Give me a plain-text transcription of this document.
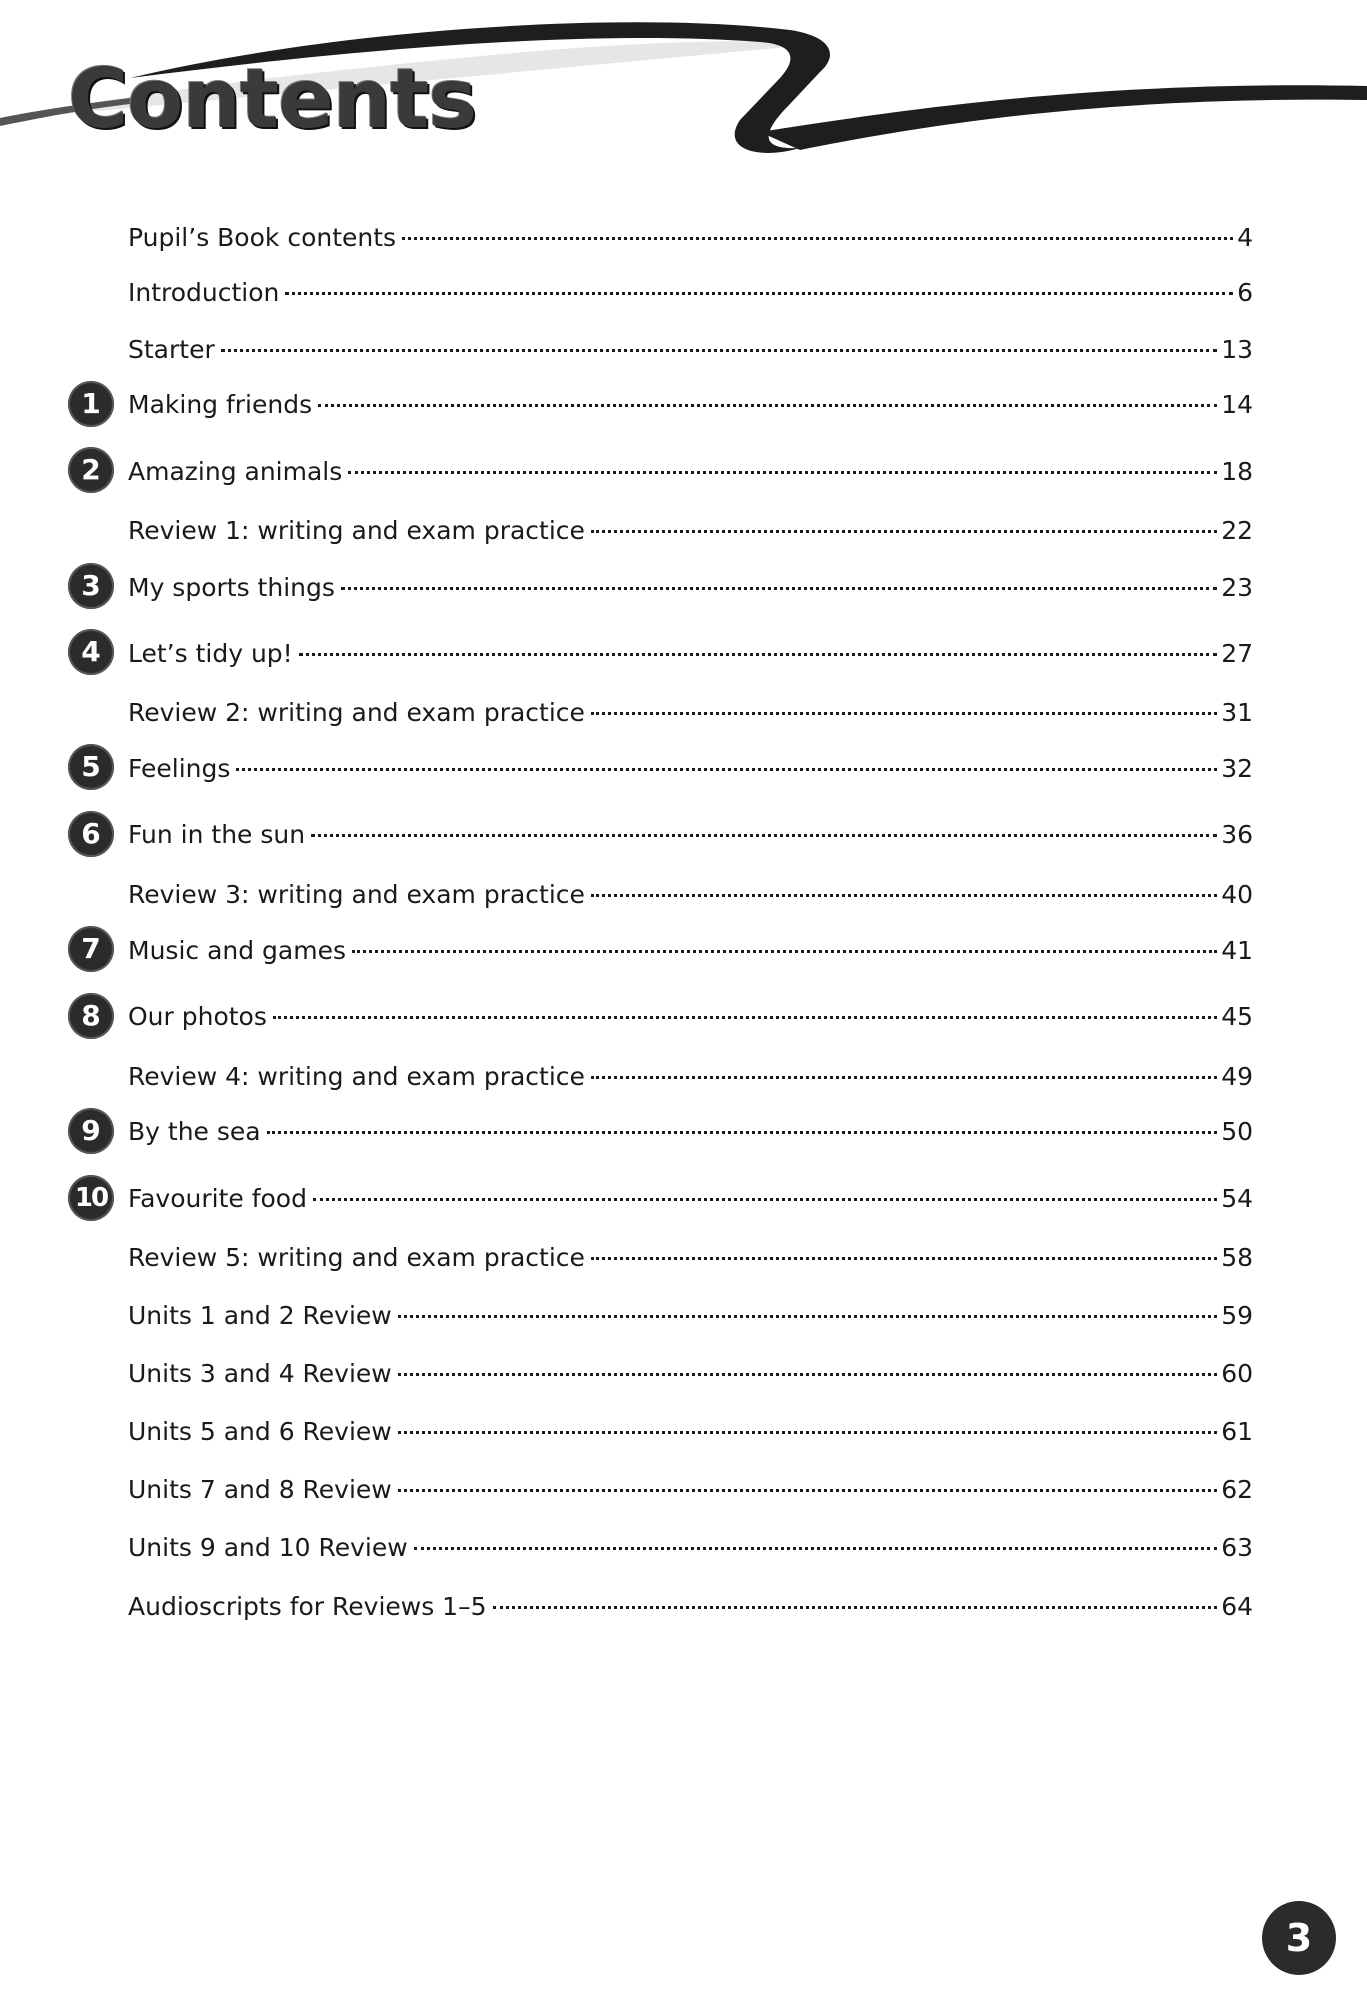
Contents
Pupil’s Book contents	4
Introduction	6
Starter	13
1	Making friends	14
2	Amazing animals	18
Review 1: writing and exam practice	22
3	My sports things	23
4	Let’s tidy up!	27
Review 2: writing and exam practice	31
5	Feelings	32
6	Fun in the sun	36
Review 3: writing and exam practice	40
7	Music and games	41
8	Our photos	45
Review 4: writing and exam practice	49
9	By the sea	50
10 Favourite food	54
Review 5: writing and exam practice	58
Units 1 and 2 Review	59
Units 3 and 4 Review	60
Units 5 and 6 Review	61
Units 7 and 8 Review	62
Units 9 and 10 Review	63
Audioscripts for Reviews 1–5	64
3
